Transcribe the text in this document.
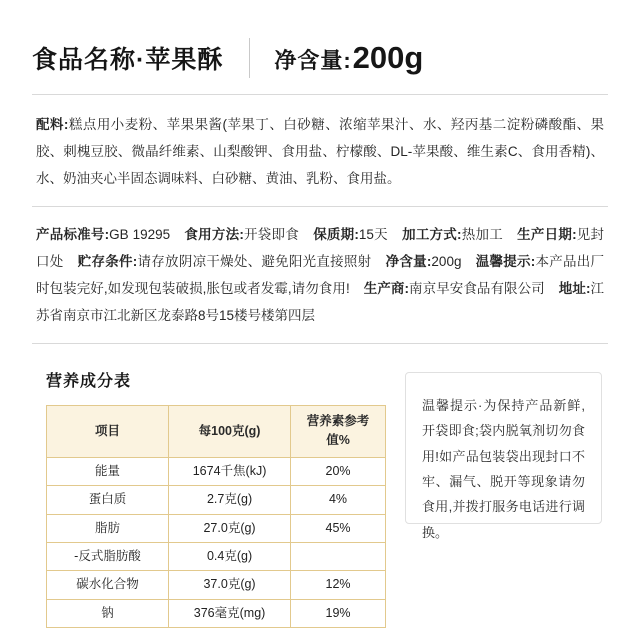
食品名称·苹果酥 净含量: 200g
配料:糕点用小麦粉、苹果果酱(苹果丁、白砂糖、浓缩苹果汁、水、羟丙基二淀粉磷酸酯、果胶、刺槐豆胶、微晶纤维素、山梨酸钾、食用盐、柠檬酸、DL-苹果酸、维生素C、食用香精)、水、奶油夹心半固态调味料、白砂糖、黄油、乳粉、食用盐。
产品标准号:GB 19295 食用方法:开袋即食 保质期:15天 加工方式:热加工 生产日期:见封口处 贮存条件:请存放阴凉干燥处、避免阳光直接照射 净含量:200g 温馨提示:本产品出厂时包装完好,如发现包装破损,胀包或者发霉,请勿食用! 生产商:南京早安食品有限公司 地址:江苏省南京市江北新区龙泰路8号15楼号楼第四层
营养成分表
项目	每100克(g)	营养素参考值%
能量	1674千焦(kJ)	20%
蛋白质	2.7克(g)	4%
脂肪	27.0克(g)	45%
-反式脂肪酸	0.4克(g)	
碳水化合物	37.0克(g)	12%
钠	376毫克(mg)	19%
温馨提示·为保持产品新鲜,开袋即食;袋内脱氧剂切勿食用!如产品包装袋出现封口不牢、漏气、脱开等现象请勿食用,并拨打服务电话进行调换。
